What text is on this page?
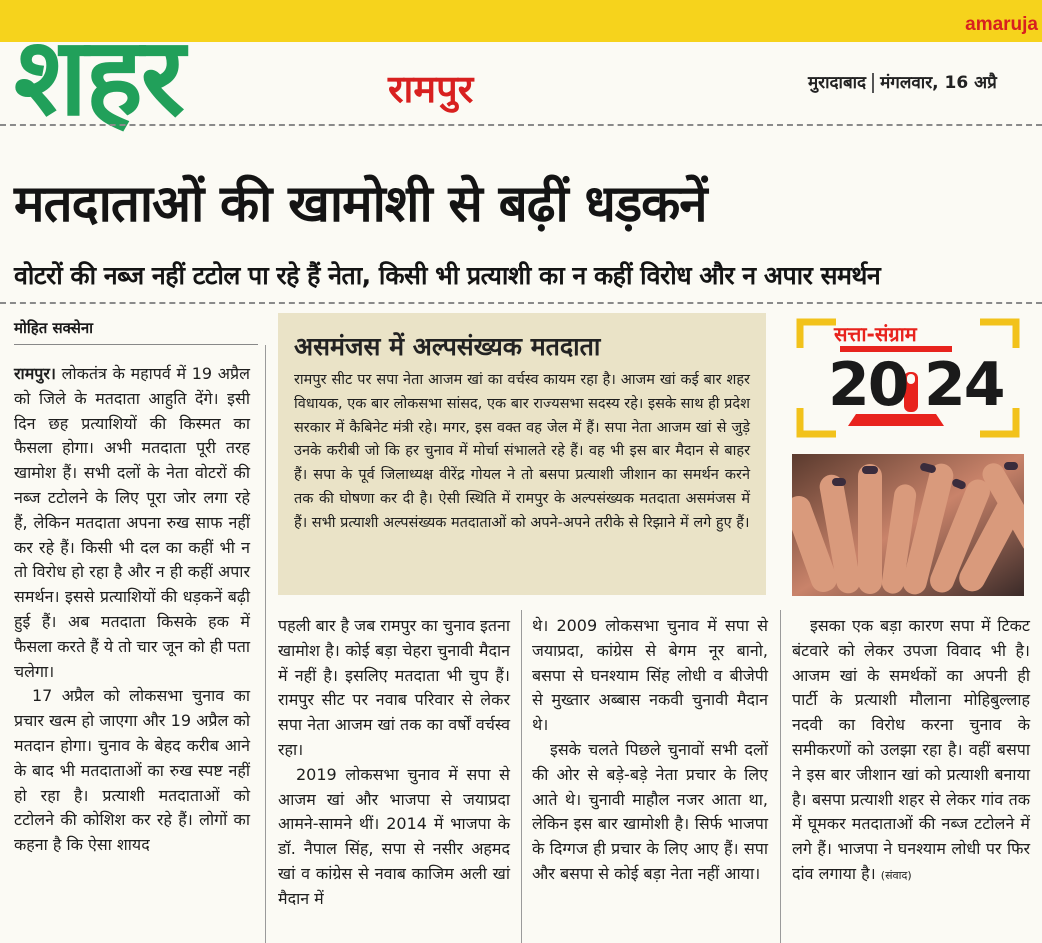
amaruja
शहर	रामपुर	मुरादाबाद मंगलवार, 16 अप्रै
मतदाताओं की खामोशी से बढ़ीं धड़कनें
वोटरों की नब्ज नहीं टटोल पा रहे हैं नेता, किसी भी प्रत्याशी का न कहीं विरोध और न अपार समर्थन
मोहित सक्सेना

रामपुर। लोकतंत्र के महापर्व में 19 अप्रैल को जिले के मतदाता आहुति देंगे। इसी दिन छह प्रत्याशियों की किस्मत का फैसला होगा। अभी मतदाता पूरी तरह खामोश हैं। सभी दलों के नेता वोटरों की नब्ज टटोलने के लिए पूरा जोर लगा रहे हैं, लेकिन मतदाता अपना रुख साफ नहीं कर रहे हैं। किसी भी दल का कहीं भी न तो विरोध हो रहा है और न ही कहीं अपार समर्थन। इससे प्रत्याशियों की धड़कनें बढ़ी हुई हैं। अब मतदाता किसके हक में फैसला करते हैं ये तो चार जून को ही पता चलेगा।

17 अप्रैल को लोकसभा चुनाव का प्रचार खत्म हो जाएगा और 19 अप्रैल को मतदान होगा। चुनाव के बेहद करीब आने के बाद भी मतदाताओं का रुख स्पष्ट नहीं हो रहा है। प्रत्याशी मतदाताओं को टटोलने की कोशिश कर रहे हैं। लोगों का कहना है कि ऐसा शायद

असमंजस में अल्पसंख्यक मतदाता
रामपुर सीट पर सपा नेता आजम खां का वर्चस्व कायम रहा है। आजम खां कई बार शहर विधायक, एक बार लोकसभा सांसद, एक बार राज्यसभा सदस्य रहे। इसके साथ ही प्रदेश सरकार में कैबिनेट मंत्री रहे। मगर, इस वक्त वह जेल में हैं। सपा नेता आजम खां से जुड़े उनके करीबी जो कि हर चुनाव में मोर्चा संभालते रहे हैं। वह भी इस बार मैदान से बाहर हैं। सपा के पूर्व जिलाध्यक्ष वीरेंद्र गोयल ने तो बसपा प्रत्याशी जीशान का समर्थन करने तक की घोषणा कर दी है। ऐसी स्थिति में रामपुर के अल्पसंख्यक मतदाता असमंजस में हैं। सभी प्रत्याशी अल्पसंख्यक मतदाताओं को अपने-अपने तरीके से रिझाने में लगे हुए हैं।
सत्ता-संग्राम
20 24

पहली बार है जब रामपुर का चुनाव इतना खामोश है। कोई बड़ा चेहरा चुनावी मैदान में नहीं है। इसलिए मतदाता भी चुप हैं। रामपुर सीट पर नवाब परिवार से लेकर सपा नेता आजम खां तक का वर्षों वर्चस्व रहा।

2019 लोकसभा चुनाव में सपा से आजम खां और भाजपा से जयाप्रदा आमने-सामने थीं। 2014 में भाजपा के डॉ. नैपाल सिंह, सपा से नसीर अहमद खां व कांग्रेस से नवाब काजिम अली खां मैदान में

थे। 2009 लोकसभा चुनाव में सपा से जयाप्रदा, कांग्रेस से बेगम नूर बानो, बसपा से घनश्याम सिंह लोधी व बीजेपी से मुख्तार अब्बास नकवी चुनावी मैदान थे।

इसके चलते पिछले चुनावों सभी दलों की ओर से बड़े-बड़े नेता प्रचार के लिए आते थे। चुनावी माहौल नजर आता था, लेकिन इस बार खामोशी है। सिर्फ भाजपा के दिग्गज ही प्रचार के लिए आए हैं। सपा और बसपा से कोई बड़ा नेता नहीं आया।

इसका एक बड़ा कारण सपा में टिकट बंटवारे को लेकर उपजा विवाद भी है। आजम खां के समर्थकों का अपनी ही पार्टी के प्रत्याशी मौलाना मोहिबुल्लाह नदवी का विरोध करना चुनाव के समीकरणों को उलझा रहा है। वहीं बसपा ने इस बार जीशान खां को प्रत्याशी बनाया है। बसपा प्रत्याशी शहर से लेकर गांव तक में घूमकर मतदाताओं की नब्ज टटोलने में लगे हैं। भाजपा ने घनश्याम लोधी पर फिर दांव लगाया है। (संवाद)
